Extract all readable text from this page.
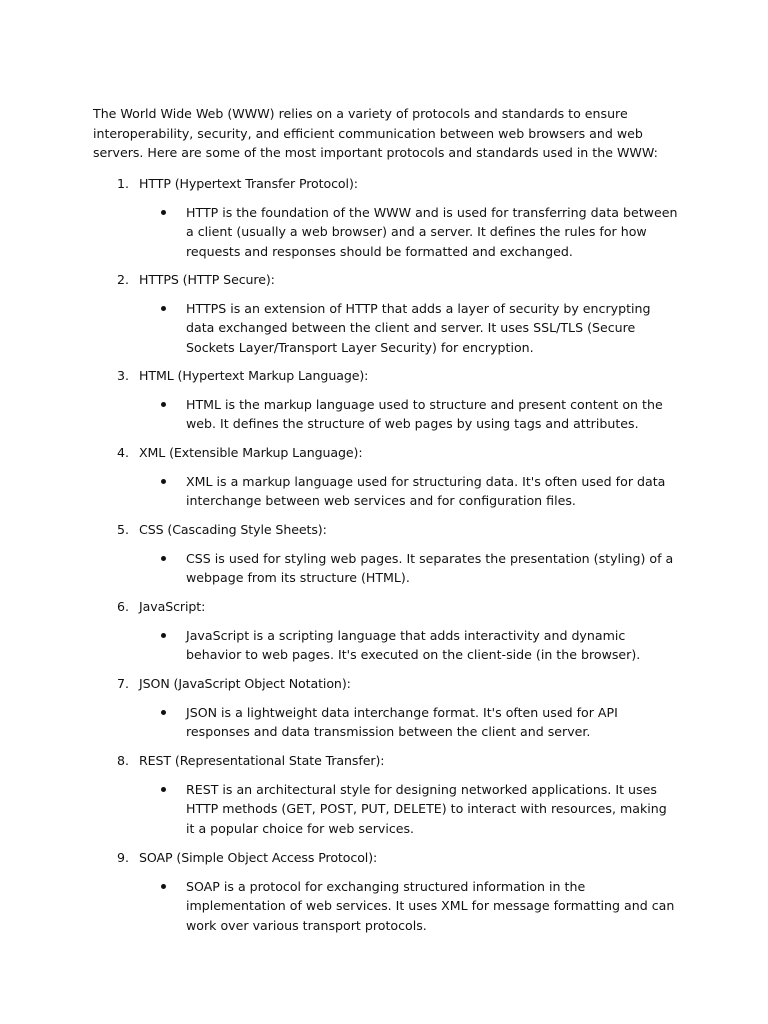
The World Wide Web (WWW) relies on a variety of protocols and standards to ensure interoperability, security, and efficient communication between web browsers and web servers. Here are some of the most important protocols and standards used in the WWW:

1. HTTP (Hypertext Transfer Protocol):

HTTP is the foundation of the WWW and is used for transferring data between a client (usually a web browser) and a server. It defines the rules for how requests and responses should be formatted and exchanged.

2. HTTPS (HTTP Secure):

HTTPS is an extension of HTTP that adds a layer of security by encrypting data exchanged between the client and server. It uses SSL/TLS (Secure Sockets Layer/Transport Layer Security) for encryption.

3. HTML (Hypertext Markup Language):

HTML is the markup language used to structure and present content on the web. It defines the structure of web pages by using tags and attributes.

4. XML (Extensible Markup Language):

XML is a markup language used for structuring data. It's often used for data interchange between web services and for configuration files.

5. CSS (Cascading Style Sheets):

CSS is used for styling web pages. It separates the presentation (styling) of a webpage from its structure (HTML).

6. JavaScript:

JavaScript is a scripting language that adds interactivity and dynamic behavior to web pages. It's executed on the client-side (in the browser).

7. JSON (JavaScript Object Notation):

JSON is a lightweight data interchange format. It's often used for API responses and data transmission between the client and server.

8. REST (Representational State Transfer):

REST is an architectural style for designing networked applications. It uses HTTP methods (GET, POST, PUT, DELETE) to interact with resources, making it a popular choice for web services.

9. SOAP (Simple Object Access Protocol):

SOAP is a protocol for exchanging structured information in the implementation of web services. It uses XML for message formatting and can work over various transport protocols.
